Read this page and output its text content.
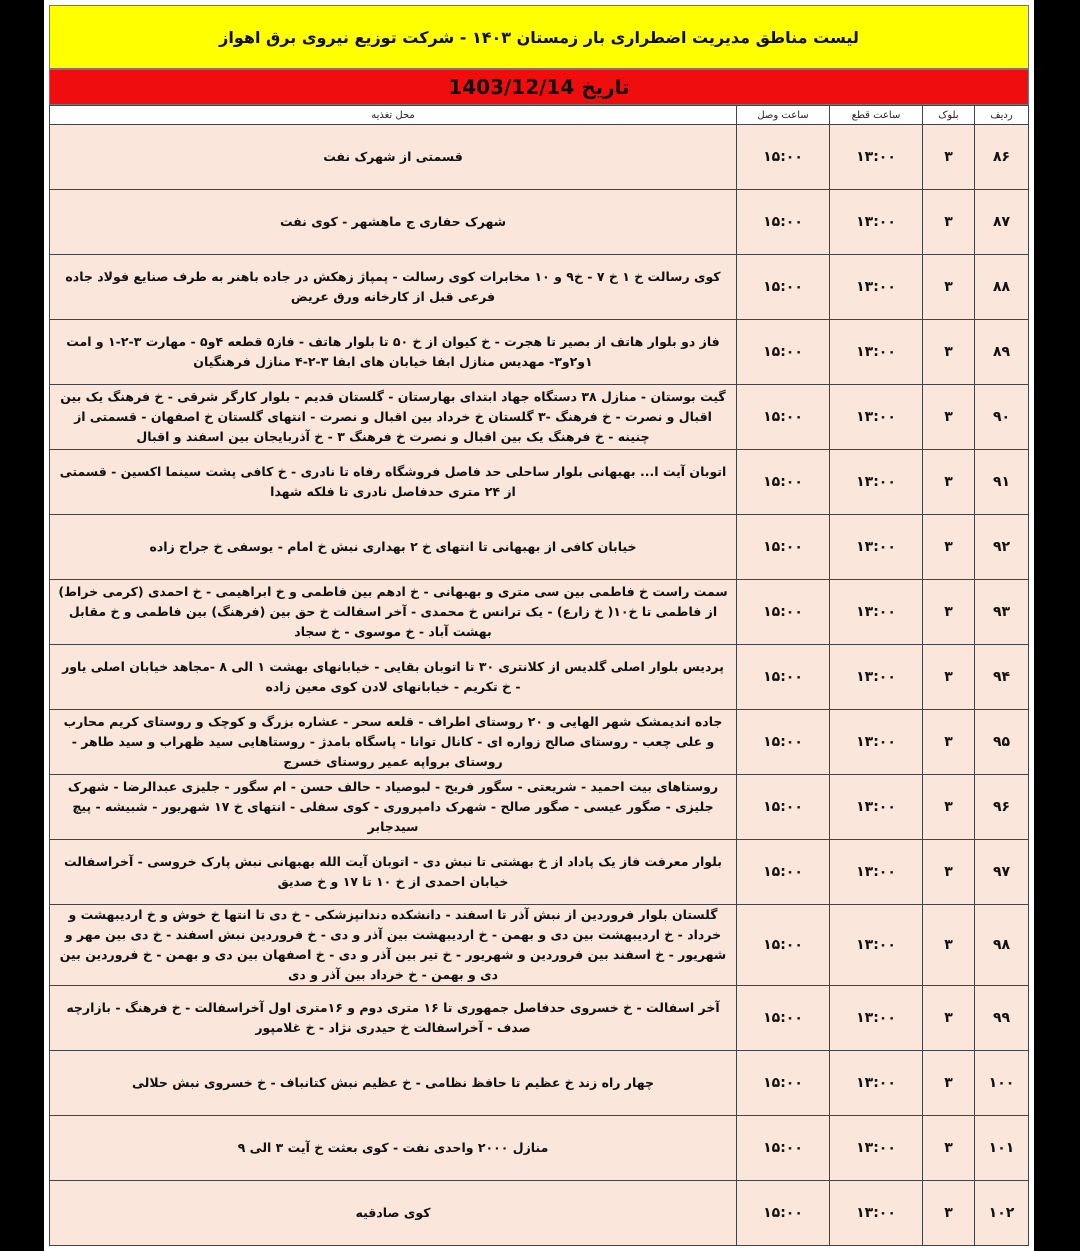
لیست مناطق مدیریت اضطراری بار زمستان ۱۴۰۳ - شرکت توزیع نیروی برق اهواز
تاریخ 1403/12/14
ردیف	بلوک	ساعت قطع	ساعت وصل	محل تغذیه
۸۶	۳	۱۳:۰۰	۱۵:۰۰	قسمتی از شهرک نفت
۸۷	۳	۱۳:۰۰	۱۵:۰۰	شهرک حفاری ج ماهشهر - کوی نفت
۸۸	۳	۱۳:۰۰	۱۵:۰۰	کوی رسالت خ ۱ خ ۷ - خ۹ و ۱۰ مخابرات کوی رسالت - پمپاژ زهکش در جاده باهنر به طرف صنایع فولاد جاده فرعی قبل از کارخانه ورق عریض
۸۹	۳	۱۳:۰۰	۱۵:۰۰	فاز دو بلوار هاتف از بصیر تا هجرت - خ کیوان از خ ۵۰ تا بلوار هاتف - فاز۵ قطعه ۴و۵ - مهارت ۳-۲-۱ و امت ۱و۲و۳- مهدیس منازل ابفا خیابان های ابفا ۳-۲-۴ منازل فرهنگیان
۹۰	۳	۱۳:۰۰	۱۵:۰۰	گیت بوستان - منازل ۳۸ دستگاه جهاد ابتدای بهارستان - گلستان قدیم - بلوار کارگر شرقی - خ فرهنگ یک بین اقبال و نصرت - خ فرهنگ -۳ گلستان خ خرداد بین اقبال و نصرت - انتهای گلستان خ اصفهان - قسمتی از چنینه - خ فرهنگ یک بین اقبال و نصرت خ فرهنگ ۳ - خ آذربایجان بین اسفند و اقبال
۹۱	۳	۱۳:۰۰	۱۵:۰۰	اتوبان آیت ا... بهبهانی بلوار ساحلی حد فاصل فروشگاه رفاه تا نادری - خ کافی پشت سینما اکسین - قسمتی از ۲۴ متری حدفاصل نادری تا فلکه شهدا
۹۲	۳	۱۳:۰۰	۱۵:۰۰	خیابان کافی از بهبهانی تا انتهای خ ۲ بهداری نبش خ امام - یوسفی خ جراح زاده
۹۳	۳	۱۳:۰۰	۱۵:۰۰	سمت راست خ فاطمی بین سی متری و بهبهانی - خ ادهم بین فاطمی و خ ابراهیمی - خ احمدی (کرمی خراط) از فاطمی تا خ۱۰( خ زارع) - یک ترانس خ محمدی - آخر اسفالت خ حق بین (فرهنگ) بین فاطمی و خ مقابل بهشت آباد - خ موسوی - خ سجاد
۹۴	۳	۱۳:۰۰	۱۵:۰۰	پردیس بلوار اصلی گلدیس از کلانتری ۳۰ تا اتوبان بقایی - خیابانهای بهشت ۱ الی ۸ -مجاهد خیابان اصلی یاور - خ تکریم - خیابانهای لادن کوی معین زاده
۹۵	۳	۱۳:۰۰	۱۵:۰۰	جاده اندیمشک شهر الهایی و ۲۰ روستای اطراف - قلعه سحر - عشاره بزرگ و کوچک و روستای کریم محارب و علی چعب - روستای صالح زواره ای - کانال توانا - پاسگاه بامدژ - روستاهایی سید ظهراب و سید طاهر - روستای برواپه عمیر روستای خسرج
۹۶	۳	۱۳:۰۰	۱۵:۰۰	روستاهای بیت احمید - شریعتی - سگور فریح - لبوصیاد - حالف حسن - ام سگور - جلیزی عبدالرضا - شهرک جلیزی - صگور عیسی - صگور صالح - شهرک دامپروری - کوی سفلی - انتهای خ ۱۷ شهریور - شبیشه - پیچ سیدجابر
۹۷	۳	۱۳:۰۰	۱۵:۰۰	بلوار معرفت فاز یک پاداد از خ بهشتی تا نبش دی - اتوبان آیت الله بهبهانی نبش پارک خروسی - آخراسفالت خیابان احمدی از خ ۱۰ تا ۱۷ و خ صدیق
۹۸	۳	۱۳:۰۰	۱۵:۰۰	گلستان بلوار فروردین از نبش آذر تا اسفند - دانشکده دندانپزشکی - خ دی تا انتها خ خوش و خ اردیبهشت و خرداد - خ اردیبهشت بین دی و بهمن - خ اردیبهشت بین آذر و دی - خ فروردین نبش اسفند - خ دی بین مهر و شهریور - خ اسفند بین فروردین و شهریور - خ تیر بین آذر و دی - خ اصفهان بین دی و بهمن - خ فروردین بین دی و بهمن - خ خرداد بین آذر و دی
۹۹	۳	۱۳:۰۰	۱۵:۰۰	آخر اسفالت - خ خسروی حدفاصل جمهوری تا ۱۶ متری دوم و ۱۶متری اول آخراسفالت - خ فرهنگ - بازارچه صدف - آخراسفالت خ حیدری نژاد - خ غلامپور
۱۰۰	۳	۱۳:۰۰	۱۵:۰۰	چهار راه زند خ عظیم تا حافظ نظامی - خ عظیم نبش کتانباف - خ خسروی نبش حلالی
۱۰۱	۳	۱۳:۰۰	۱۵:۰۰	منازل ۲۰۰۰ واحدی نفت - کوی بعثت خ آیت ۳ الی ۹
۱۰۲	۳	۱۳:۰۰	۱۵:۰۰	کوی صادقیه
